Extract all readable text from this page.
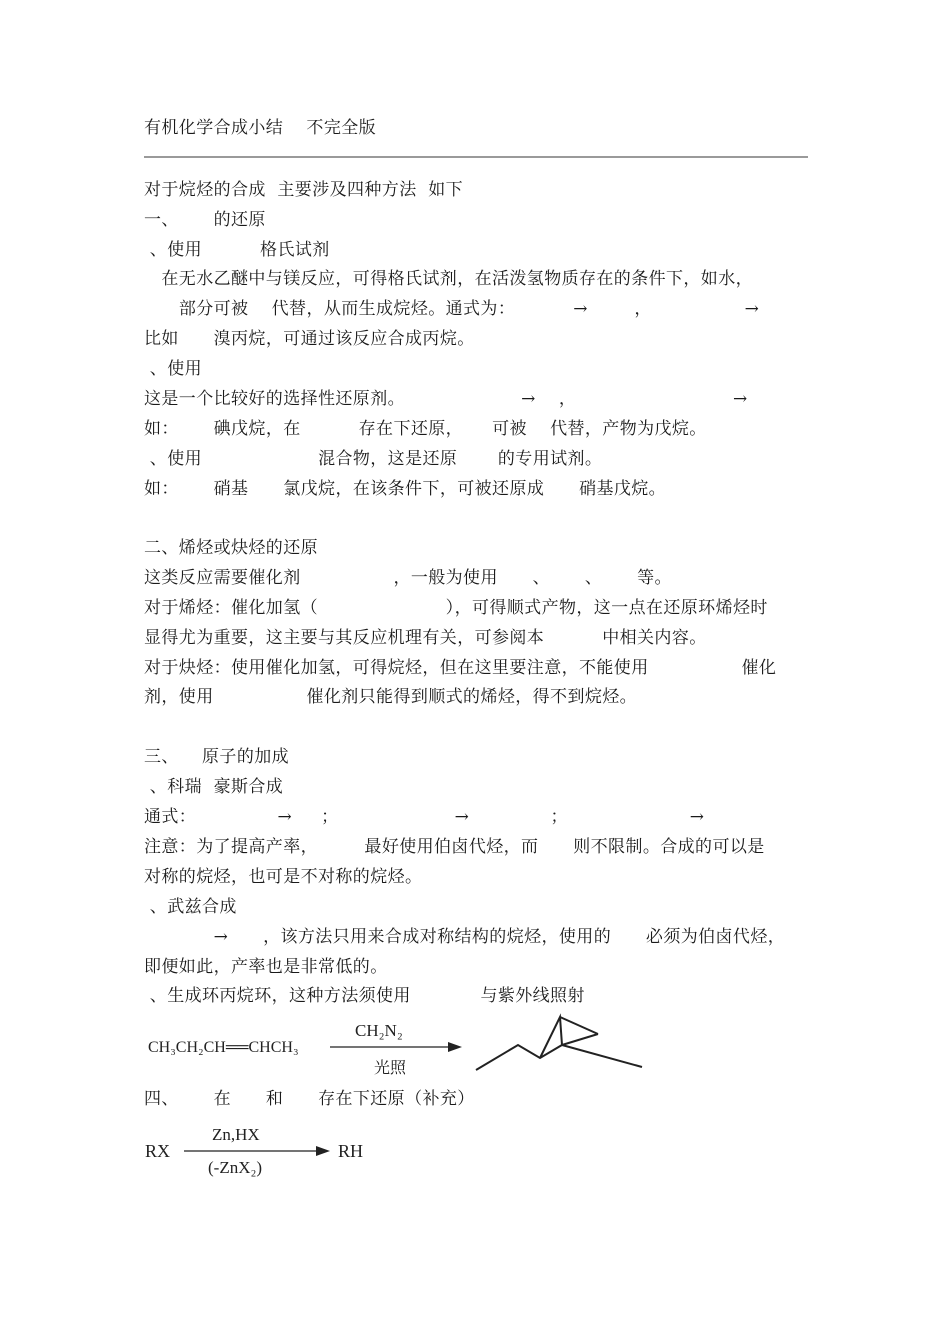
有机化学合成小结    不完全版
对于烷烃的合成  主要涉及四种方法  如下
一、      的还原
、使用          格氏试剂
在无水乙醚中与镁反应，可得格氏试剂，在活泼氢物质存在的条件下，如水，
部分可被    代替，从而生成烷烃。通式为：          →        ，                →
比如      溴丙烷，可通过该反应合成丙烷。
、使用
这是一个比较好的选择性还原剂。                    →    ，                           →
如：      碘戊烷，在          存在下还原，     可被    代替，产物为戊烷。
、使用                    混合物，这是还原       的专用试剂。
如：      硝基      氯戊烷，在该条件下，可被还原成      硝基戊烷。
二、烯烃或炔烃的还原
这类反应需要催化剂                ，一般为使用      、      、      等。
对于烯烃：催化加氢（                      ），可得顺式产物，这一点在还原环烯烃时
显得尤为重要，这主要与其反应机理有关，可参阅本          中相关内容。
对于炔烃：使用催化加氢，可得烷烃，但在这里要注意，不能使用                催化
剂，使用                催化剂只能得到顺式的烯烃，得不到烷烃。
三、    原子的加成
、科瑞  豪斯合成
通式：              →     ；                    →              ；                     →
注意：为了提高产率，        最好使用伯卤代烃，而      则不限制。合成的可以是
对称的烷烃，也可是不对称的烷烃。
、武兹合成
→      ，该方法只用来合成对称结构的烷烃，使用的      必须为伯卤代烃，
即便如此，产率也是非常低的。
、生成环丙烷环，这种方法须使用            与紫外线照射
CH₃CH₂CH══CHCH₃
CH₂N₂
光照
四、      在      和      存在下还原（补充）
RX
Zn,HX
(-ZnX₂)
RH
